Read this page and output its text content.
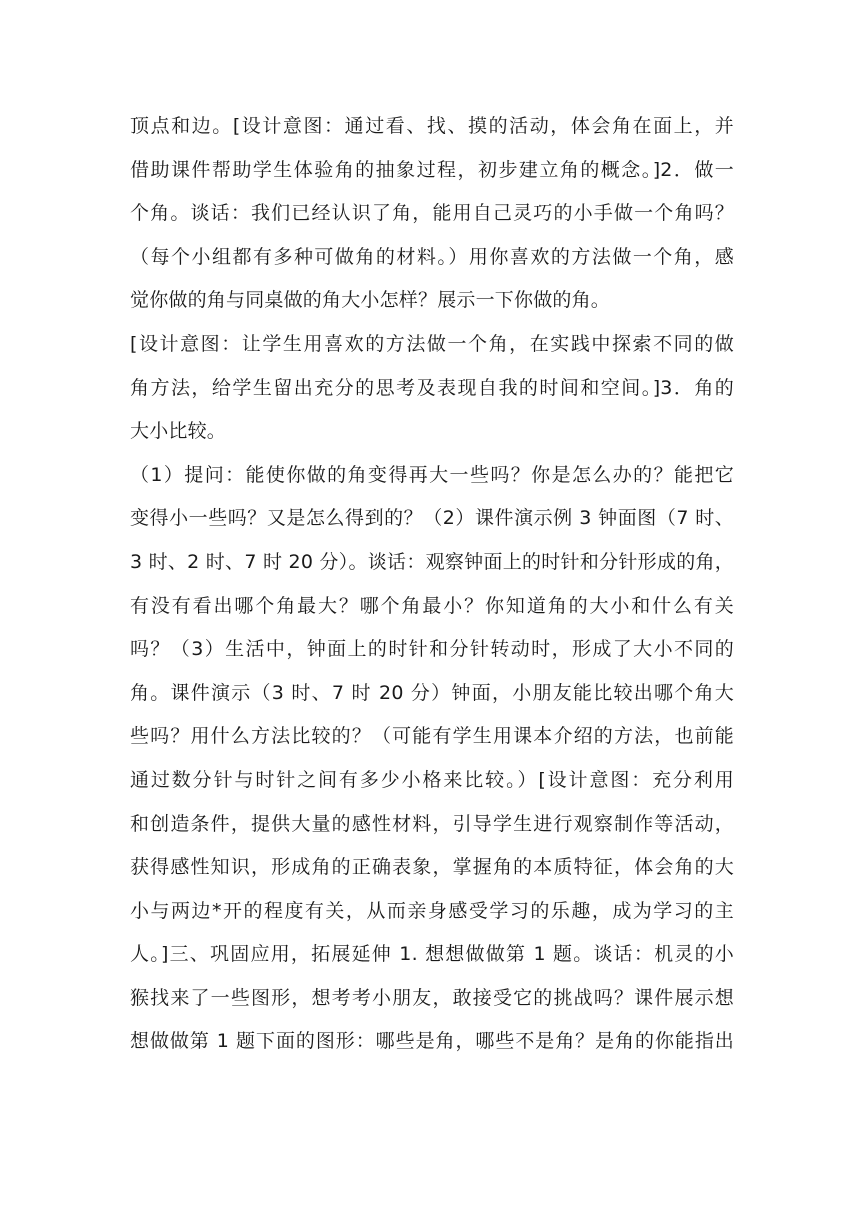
顶点和边。[设计意图：通过看、找、摸的活动，体会角在面上，并
借助课件帮助学生体验角的抽象过程，初步建立角的概念。]2．做一
个角。谈话：我们已经认识了角，能用自己灵巧的小手做一个角吗？
（每个小组都有多种可做角的材料。）用你喜欢的方法做一个角，感
觉你做的角与同桌做的角大小怎样？展示一下你做的角。
[设计意图：让学生用喜欢的方法做一个角，在实践中探索不同的做
角方法，给学生留出充分的思考及表现自我的时间和空间。]3．角的
大小比较。
（1）提问：能使你做的角变得再大一些吗？你是怎么办的？能把它
变得小一些吗？又是怎么得到的？（2）课件演示例 3 钟面图（7 时、
3 时、2 时、7 时 20 分）。谈话：观察钟面上的时针和分针形成的角，
有没有看出哪个角最大？哪个角最小？你知道角的大小和什么有关
吗？（3）生活中，钟面上的时针和分针转动时，形成了大小不同的
角。课件演示（3 时、7 时 20 分）钟面，小朋友能比较出哪个角大
些吗？用什么方法比较的？（可能有学生用课本介绍的方法，也前能
通过数分针与时针之间有多少小格来比较。）[设计意图：充分利用
和创造条件，提供大量的感性材料，引导学生进行观察制作等活动，
获得感性知识，形成角的正确表象，掌握角的本质特征，体会角的大
小与两边*开的程度有关，从而亲身感受学习的乐趣，成为学习的主
人。]三、巩固应用，拓展延伸 1. 想想做做第 1 题。谈话：机灵的小
猴找来了一些图形，想考考小朋友，敢接受它的挑战吗？课件展示想
想做做第 1 题下面的图形：哪些是角，哪些不是角？是角的你能指出
